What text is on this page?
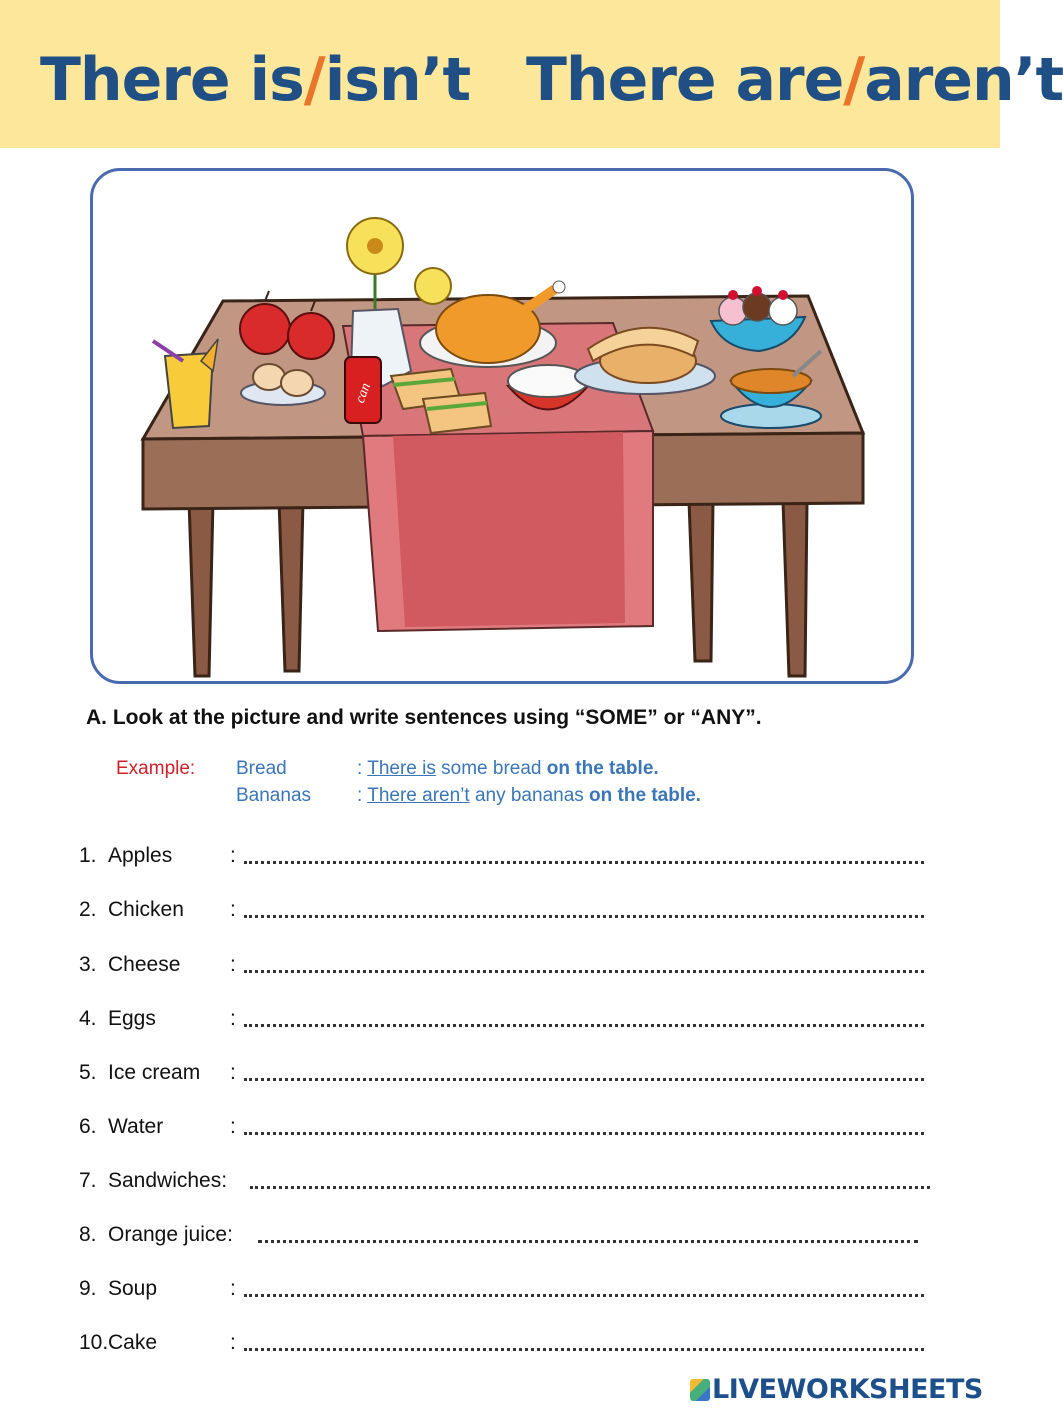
There is/isn’t There are/aren’t
can
A. Look at the picture and write sentences using “SOME” or “ANY”.
Example: Bread	: There is some bread on the table.
Bananas : There aren’t any bananas on the table.
1. Apples	:
2. Chicken :
3. Cheese :
4. Eggs	:
5. Ice cream :
6. Water	:
7. Sandwiches:
8. Orange juice:
9. Soup	:
10.Cake	:
LIVEWORKSHEETS
